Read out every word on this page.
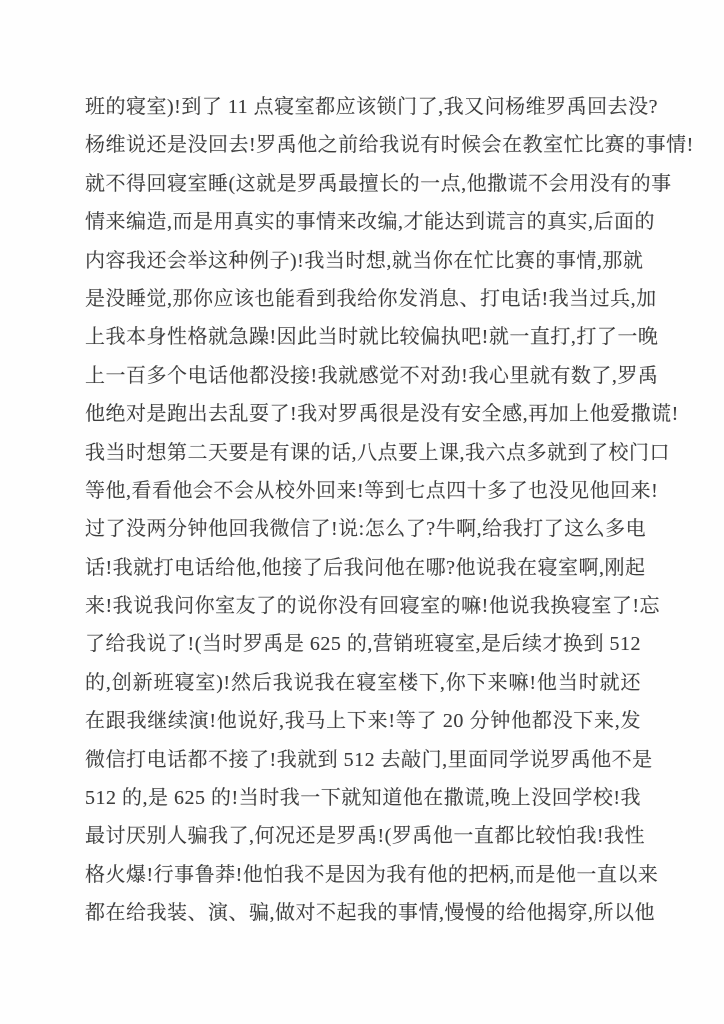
班的寝室)!到了 11 点寝室都应该锁门了,我又问杨维罗禹回去没?
杨维说还是没回去!罗禹他之前给我说有时候会在教室忙比赛的事情!
就不得回寝室睡(这就是罗禹最擅长的一点,他撒谎不会用没有的事
情来编造,而是用真实的事情来改编,才能达到谎言的真实,后面的
内容我还会举这种例子)!我当时想,就当你在忙比赛的事情,那就
是没睡觉,那你应该也能看到我给你发消息、打电话!我当过兵,加
上我本身性格就急躁!因此当时就比较偏执吧!就一直打,打了一晚
上一百多个电话他都没接!我就感觉不对劲!我心里就有数了,罗禹
他绝对是跑出去乱耍了!我对罗禹很是没有安全感,再加上他爱撒谎!
我当时想第二天要是有课的话,八点要上课,我六点多就到了校门口
等他,看看他会不会从校外回来!等到七点四十多了也没见他回来!
过了没两分钟他回我微信了!说:怎么了?牛啊,给我打了这么多电
话!我就打电话给他,他接了后我问他在哪?他说我在寝室啊,刚起
来!我说我问你室友了的说你没有回寝室的嘛!他说我换寝室了!忘
了给我说了!(当时罗禹是 625 的,营销班寝室,是后续才换到 512
的,创新班寝室)!然后我说我在寝室楼下,你下来嘛!他当时就还
在跟我继续演!他说好,我马上下来!等了 20 分钟他都没下来,发
微信打电话都不接了!我就到 512 去敲门,里面同学说罗禹他不是
512 的,是 625 的!当时我一下就知道他在撒谎,晚上没回学校!我
最讨厌别人骗我了,何况还是罗禹!(罗禹他一直都比较怕我!我性
格火爆!行事鲁莽!他怕我不是因为我有他的把柄,而是他一直以来
都在给我装、演、骗,做对不起我的事情,慢慢的给他揭穿,所以他
